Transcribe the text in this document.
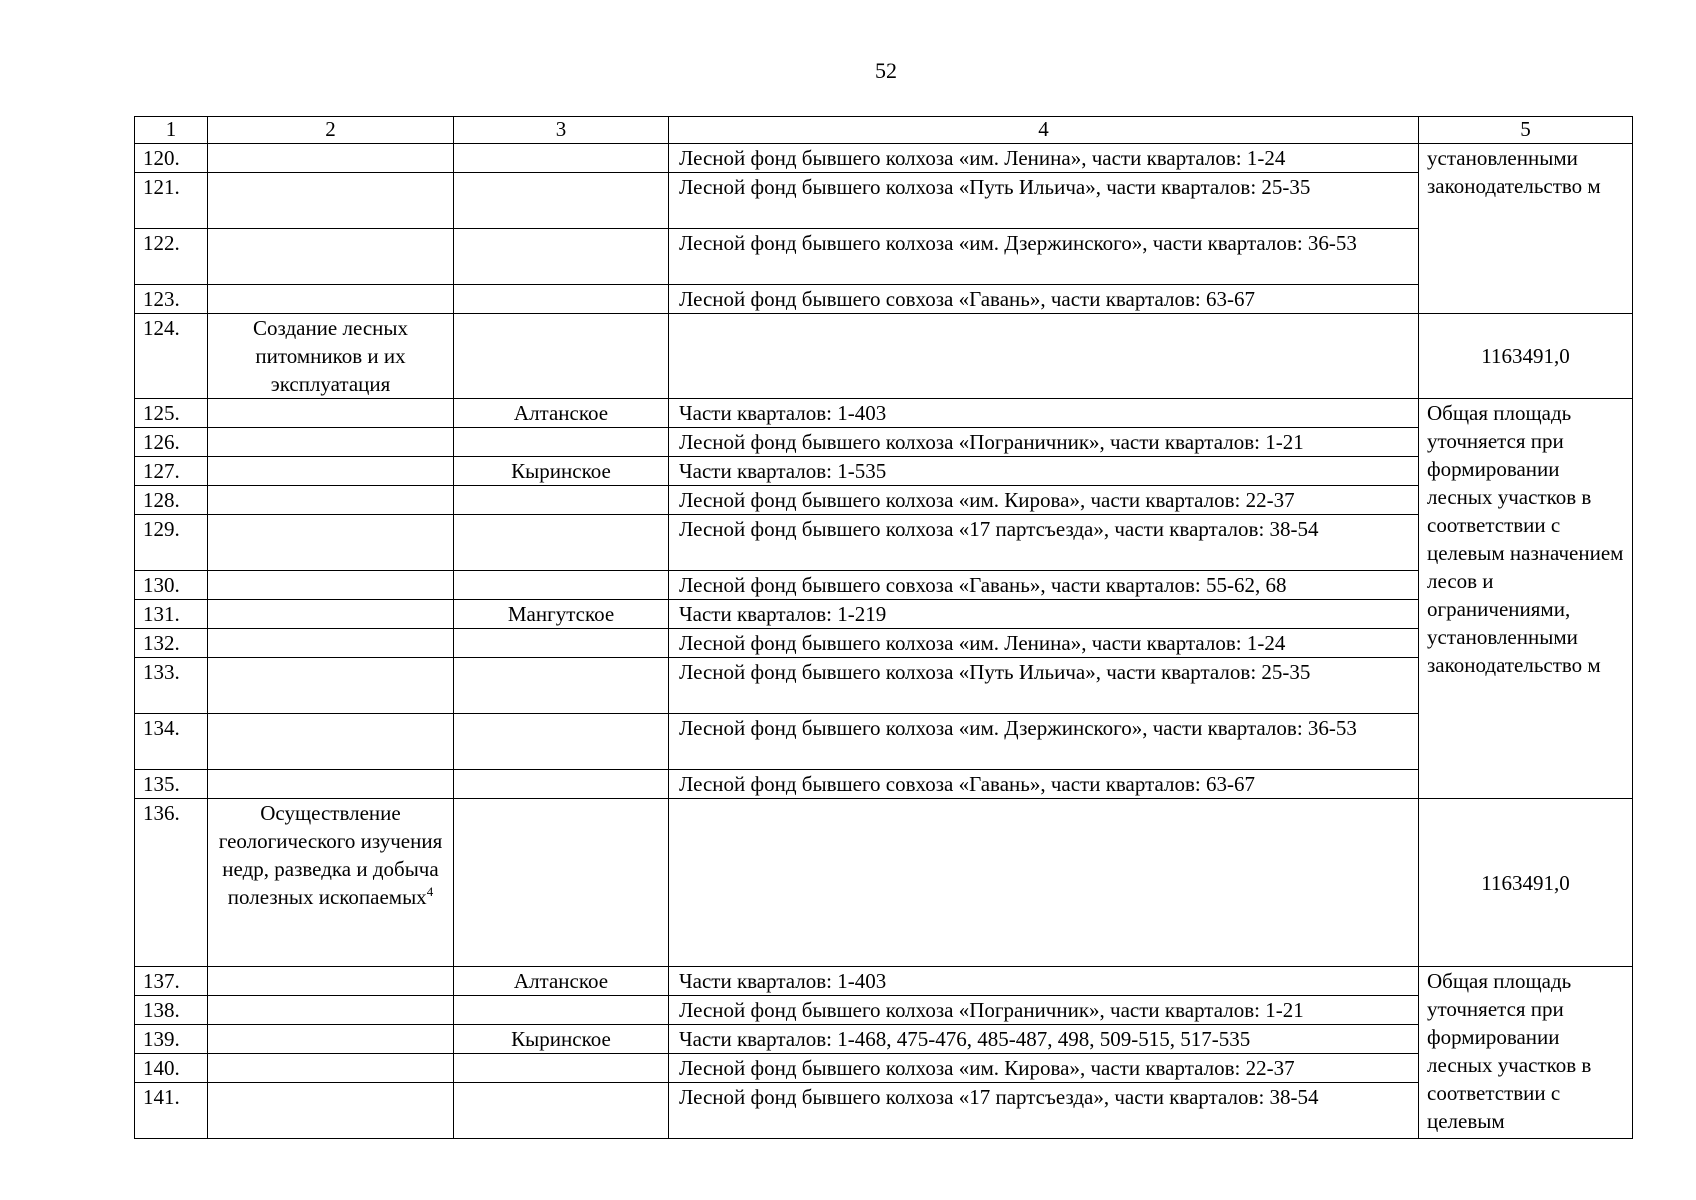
52
1	2	3	4	5
120.			Лесной фонд бывшего колхоза «им. Ленина», части кварталов: 1-24	установленными законодательство м
121.			Лесной фонд бывшего колхоза «Путь Ильича», части кварталов: 25-35	
122.			Лесной фонд бывшего колхоза «им. Дзержинского», части кварталов: 36-53	
123.			Лесной фонд бывшего совхоза «Гавань», части кварталов: 63-67	
124.	Создание лесных питомников и их эксплуатация			1163491,0
125.		Алтанское	Части кварталов: 1-403	Общая площадь уточняется при формировании лесных участков в соответствии с целевым назначением лесов и ограничениями, установленными законодательство м
126.			Лесной фонд бывшего колхоза «Пограничник», части кварталов: 1-21	
127.		Кыринское	Части кварталов: 1-535	
128.			Лесной фонд бывшего колхоза «им. Кирова», части кварталов: 22-37	
129.			Лесной фонд бывшего колхоза «17 партсъезда», части кварталов: 38-54	
130.			Лесной фонд бывшего совхоза «Гавань», части кварталов: 55-62, 68	
131.		Мангутское	Части кварталов: 1-219	
132.			Лесной фонд бывшего колхоза «им. Ленина», части кварталов: 1-24	
133.			Лесной фонд бывшего колхоза «Путь Ильича», части кварталов: 25-35	
134.			Лесной фонд бывшего колхоза «им. Дзержинского», части кварталов: 36-53	
135.			Лесной фонд бывшего совхоза «Гавань», части кварталов: 63-67	
136.	Осуществление геологического изучения недр, разведка и добыча полезных ископаемых$^4$			1163491,0
137.		Алтанское	Части кварталов: 1-403	Общая площадь уточняется при формировании лесных участков в соответствии с целевым
138.			Лесной фонд бывшего колхоза «Пограничник», части кварталов: 1-21	
139.		Кыринское	Части кварталов: 1-468, 475-476, 485-487, 498, 509-515, 517-535	
140.			Лесной фонд бывшего колхоза «им. Кирова», части кварталов: 22-37	
141.			Лесной фонд бывшего колхоза «17 партсъезда», части кварталов: 38-54	
